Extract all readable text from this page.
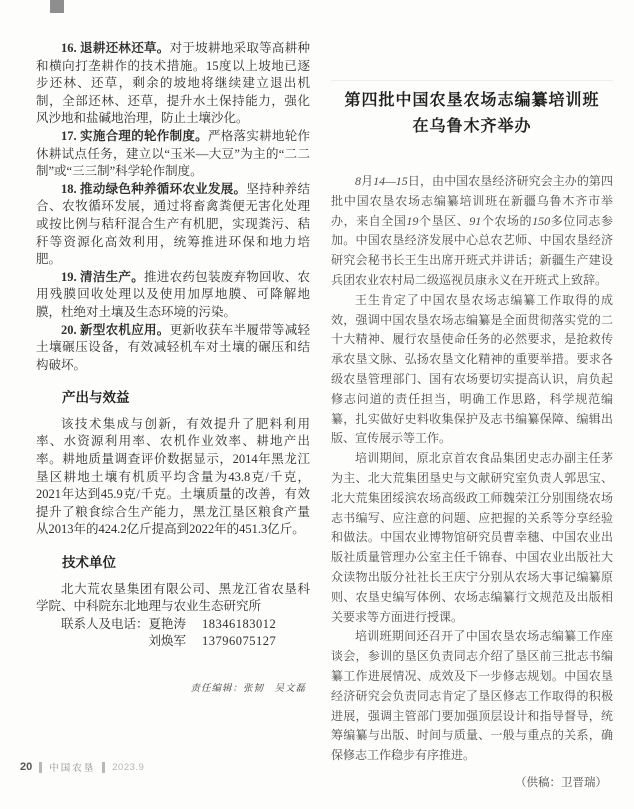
16. 退耕还林还草。对于坡耕地采取等高耕种和横向打垄耕作的技术措施。15度以上坡地已逐步还林、还草，剩余的坡地将继续建立退出机制，全部还林、还草，提升水土保持能力，强化风沙地和盐碱地治理，防止土壤沙化。

17. 实施合理的轮作制度。严格落实耕地轮作休耕试点任务，建立以“玉米—大豆”为主的“二二制”或“三三制”科学轮作制度。

18. 推动绿色种养循环农业发展。坚持种养结合、农牧循环发展，通过将畜禽粪便无害化处理或按比例与秸秆混合生产有机肥，实现粪污、秸秆等资源化高效利用，统筹推进环保和地力培肥。

19. 清洁生产。推进农药包装废弃物回收、农用残膜回收处理以及使用加厚地膜、可降解地膜，杜绝对土壤及生态环境的污染。

20. 新型农机应用。更新收获车半履带等减轻土壤碾压设备，有效减轻机车对土壤的碾压和结构破坏。

产出与效益

该技术集成与创新，有效提升了肥料利用率、水资源利用率、农机作业效率、耕地产出率。耕地质量调查评价数据显示，2014年黑龙江垦区耕地土壤有机质平均含量为43.8克/千克，2021年达到45.9克/千克。土壤质量的改善，有效提升了粮食综合生产能力，黑龙江垦区粮食产量从2013年的424.2亿斤提高到2022年的451.3亿斤。

技术单位

北大荒农垦集团有限公司、黑龙江省农垦科学院、中科院东北地理与农业生态研究所

联系人及电话：夏艳涛 18346183012
刘焕军 13796075127
责任编辑：张韧　吴文磊
第四批中国农垦农场志编纂培训班
在乌鲁木齐举办

8月14—15日，由中国农垦经济研究会主办的第四批中国农垦农场志编纂培训班在新疆乌鲁木齐市举办，来自全国19个垦区、91个农场的150多位同志参加。中国农垦经济发展中心总农艺师、中国农垦经济研究会秘书长王生出席开班式并讲话；新疆生产建设兵团农业农村局二级巡视员康永义在开班式上致辞。

王生肯定了中国农垦农场志编纂工作取得的成效，强调中国农垦农场志编纂是全面贯彻落实党的二十大精神、履行农垦使命任务的必然要求，是抢救传承农垦文脉、弘扬农垦文化精神的重要举措。要求各级农垦管理部门、国有农场要切实提高认识，肩负起修志问道的责任担当，明确工作思路，科学规范编纂，扎实做好史料收集保护及志书编纂保障、编辑出版、宣传展示等工作。

培训期间，原北京首农食品集团史志办副主任茅为主、北大荒集团垦史与文献研究室负责人郭思宝、北大荒集团绥滨农场高级政工师魏荣江分别围绕农场志书编写、应注意的问题、应把握的关系等分享经验和做法。中国农业博物馆研究员曹幸穗、中国农业出版社质量管理办公室主任千锦春、中国农业出版社大众读物出版分社社长王庆宁分别从农场大事记编纂原则、农垦史编写体例、农场志编纂行文规范及出版相关要求等方面进行授课。

培训班期间还召开了中国农垦农场志编纂工作座谈会，参训的垦区负责同志介绍了垦区前三批志书编纂工作进展情况、成效及下一步修志规划。中国农垦经济研究会负责同志肯定了垦区修志工作取得的积极进展，强调主管部门要加强顶层设计和指导督导，统筹编纂与出版、时间与质量、一般与重点的关系，确保修志工作稳步有序推进。

（供稿：卫晋瑞）
20 中国农垦 2023.9
